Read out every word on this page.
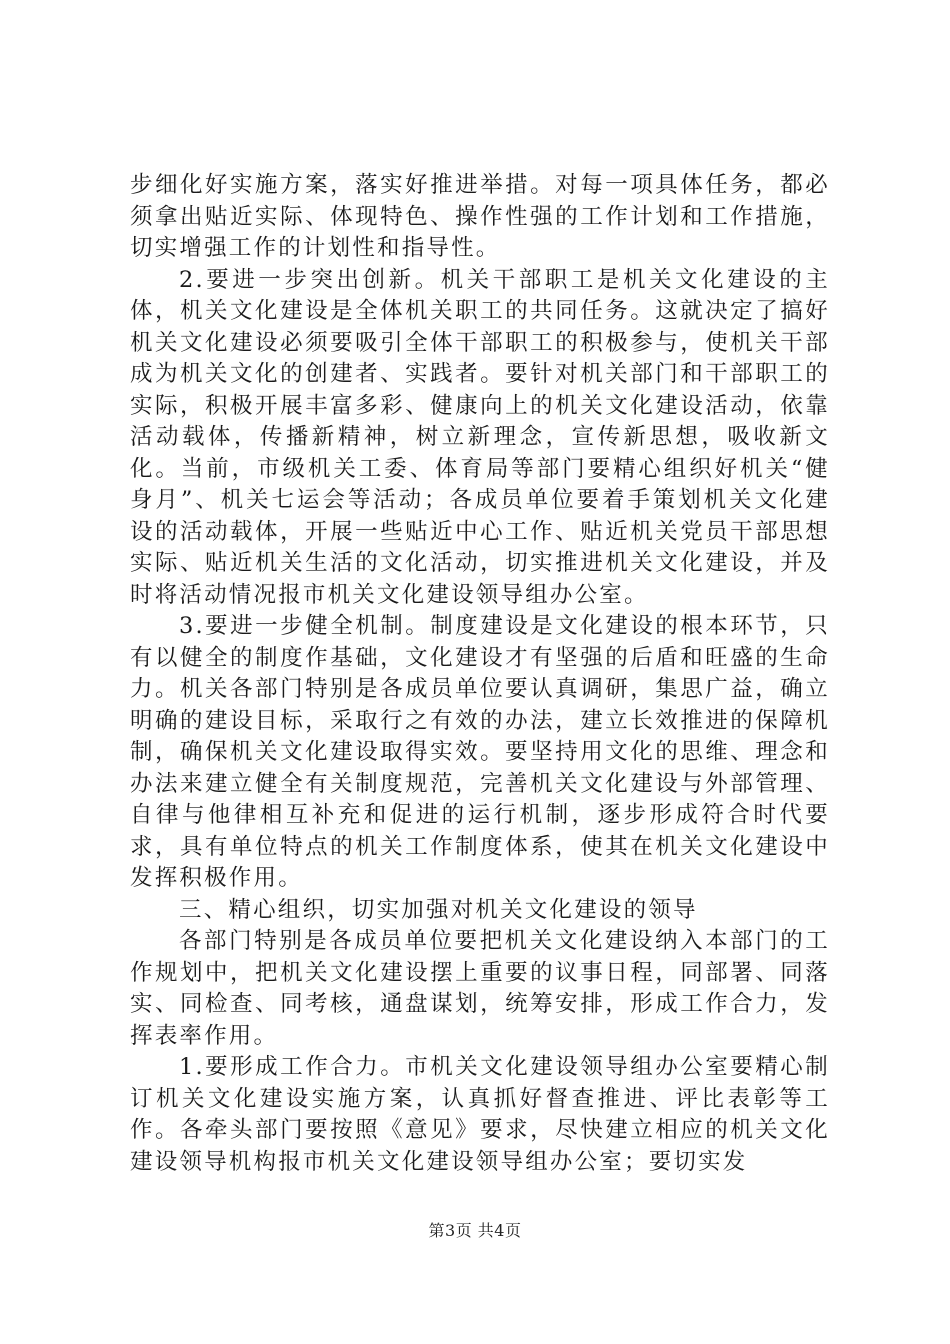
步细化好实施方案，落实好推进举措。对每一项具体任务，都必须拿出贴近实际、体现特色、操作性强的工作计划和工作措施，切实增强工作的计划性和指导性。

2.要进一步突出创新。机关干部职工是机关文化建设的主体，机关文化建设是全体机关职工的共同任务。这就决定了搞好机关文化建设必须要吸引全体干部职工的积极参与，使机关干部成为机关文化的创建者、实践者。要针对机关部门和干部职工的实际，积极开展丰富多彩、健康向上的机关文化建设活动，依靠活动载体，传播新精神，树立新理念，宣传新思想，吸收新文化。当前，市级机关工委、体育局等部门要精心组织好机关“健身月”、机关七运会等活动；各成员单位要着手策划机关文化建设的活动载体，开展一些贴近中心工作、贴近机关党员干部思想实际、贴近机关生活的文化活动，切实推进机关文化建设，并及时将活动情况报市机关文化建设领导组办公室。

3.要进一步健全机制。制度建设是文化建设的根本环节，只有以健全的制度作基础，文化建设才有坚强的后盾和旺盛的生命力。机关各部门特别是各成员单位要认真调研，集思广益，确立明确的建设目标，采取行之有效的办法，建立长效推进的保障机制，确保机关文化建设取得实效。要坚持用文化的思维、理念和办法来建立健全有关制度规范，完善机关文化建设与外部管理、自律与他律相互补充和促进的运行机制，逐步形成符合时代要求，具有单位特点的机关工作制度体系，使其在机关文化建设中发挥积极作用。

三、精心组织，切实加强对机关文化建设的领导

各部门特别是各成员单位要把机关文化建设纳入本部门的工作规划中，把机关文化建设摆上重要的议事日程，同部署、同落实、同检查、同考核，通盘谋划，统筹安排，形成工作合力，发挥表率作用。

1.要形成工作合力。市机关文化建设领导组办公室要精心制订机关文化建设实施方案，认真抓好督查推进、评比表彰等工作。各牵头部门要按照《意见》要求，尽快建立相应的机关文化建设领导机构报市机关文化建设领导组办公室；要切实发

第3页 共4页
